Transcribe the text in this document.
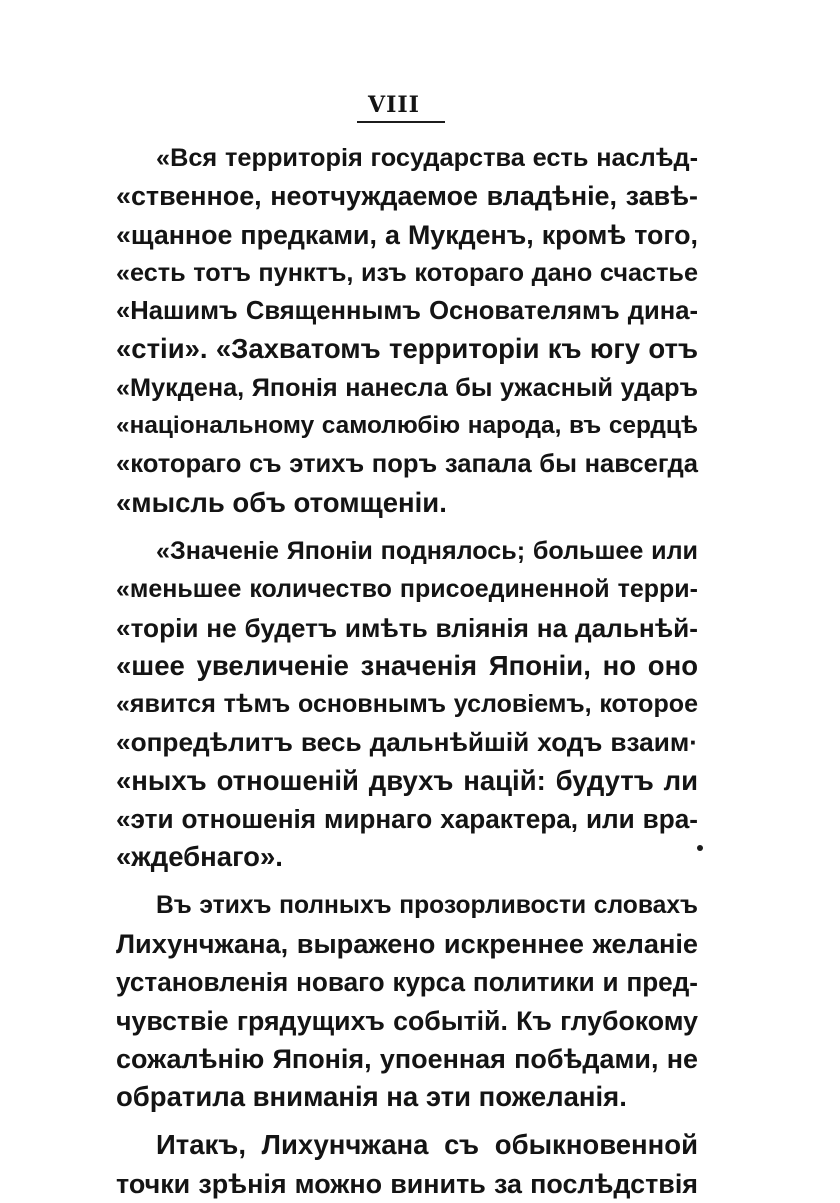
VIII
«Вся территорія государства есть наслѣд-
«ственное, неотчуждаемое владѣніе, завѣ-
«щанное предками, а Мукденъ, кромѣ того,
«есть тотъ пунктъ, изъ котораго дано счастье
«Нашимъ Священнымъ Основателямъ дина-
«стіи». «Захватомъ территоріи къ югу отъ
«Мукдена, Японія нанесла бы ужасный ударъ
«національному самолюбію народа, въ сердцѣ
«котораго съ этихъ поръ запала бы навсегда
«мысль объ отомщеніи.
«Значеніе Японіи поднялось; большее или
«меньшее количество присоединенной терри-
«торіи не будетъ имѣть вліянія на дальнѣй-
«шее увеличеніе значенія Японіи, но оно
«явится тѣмъ основнымъ условіемъ, которое
«опредѣлитъ весь дальнѣйшій ходъ взаим·
«ныхъ отношеній двухъ націй: будутъ ли
«эти отношенія мирнаго характера, или вра-
«ждебнаго».
Въ этихъ полныхъ прозорливости словахъ
Лихунчжана, выражено искреннее желаніе
установленія новаго курса политики и пред-
чувствіе грядущихъ событій. Къ глубокому
сожалѣнію Японія, упоенная побѣдами, не
обратила вниманія на эти пожеланія.
Итакъ, Лихунчжана съ обыкновенной
точки зрѣнія можно винить за послѣдствія
